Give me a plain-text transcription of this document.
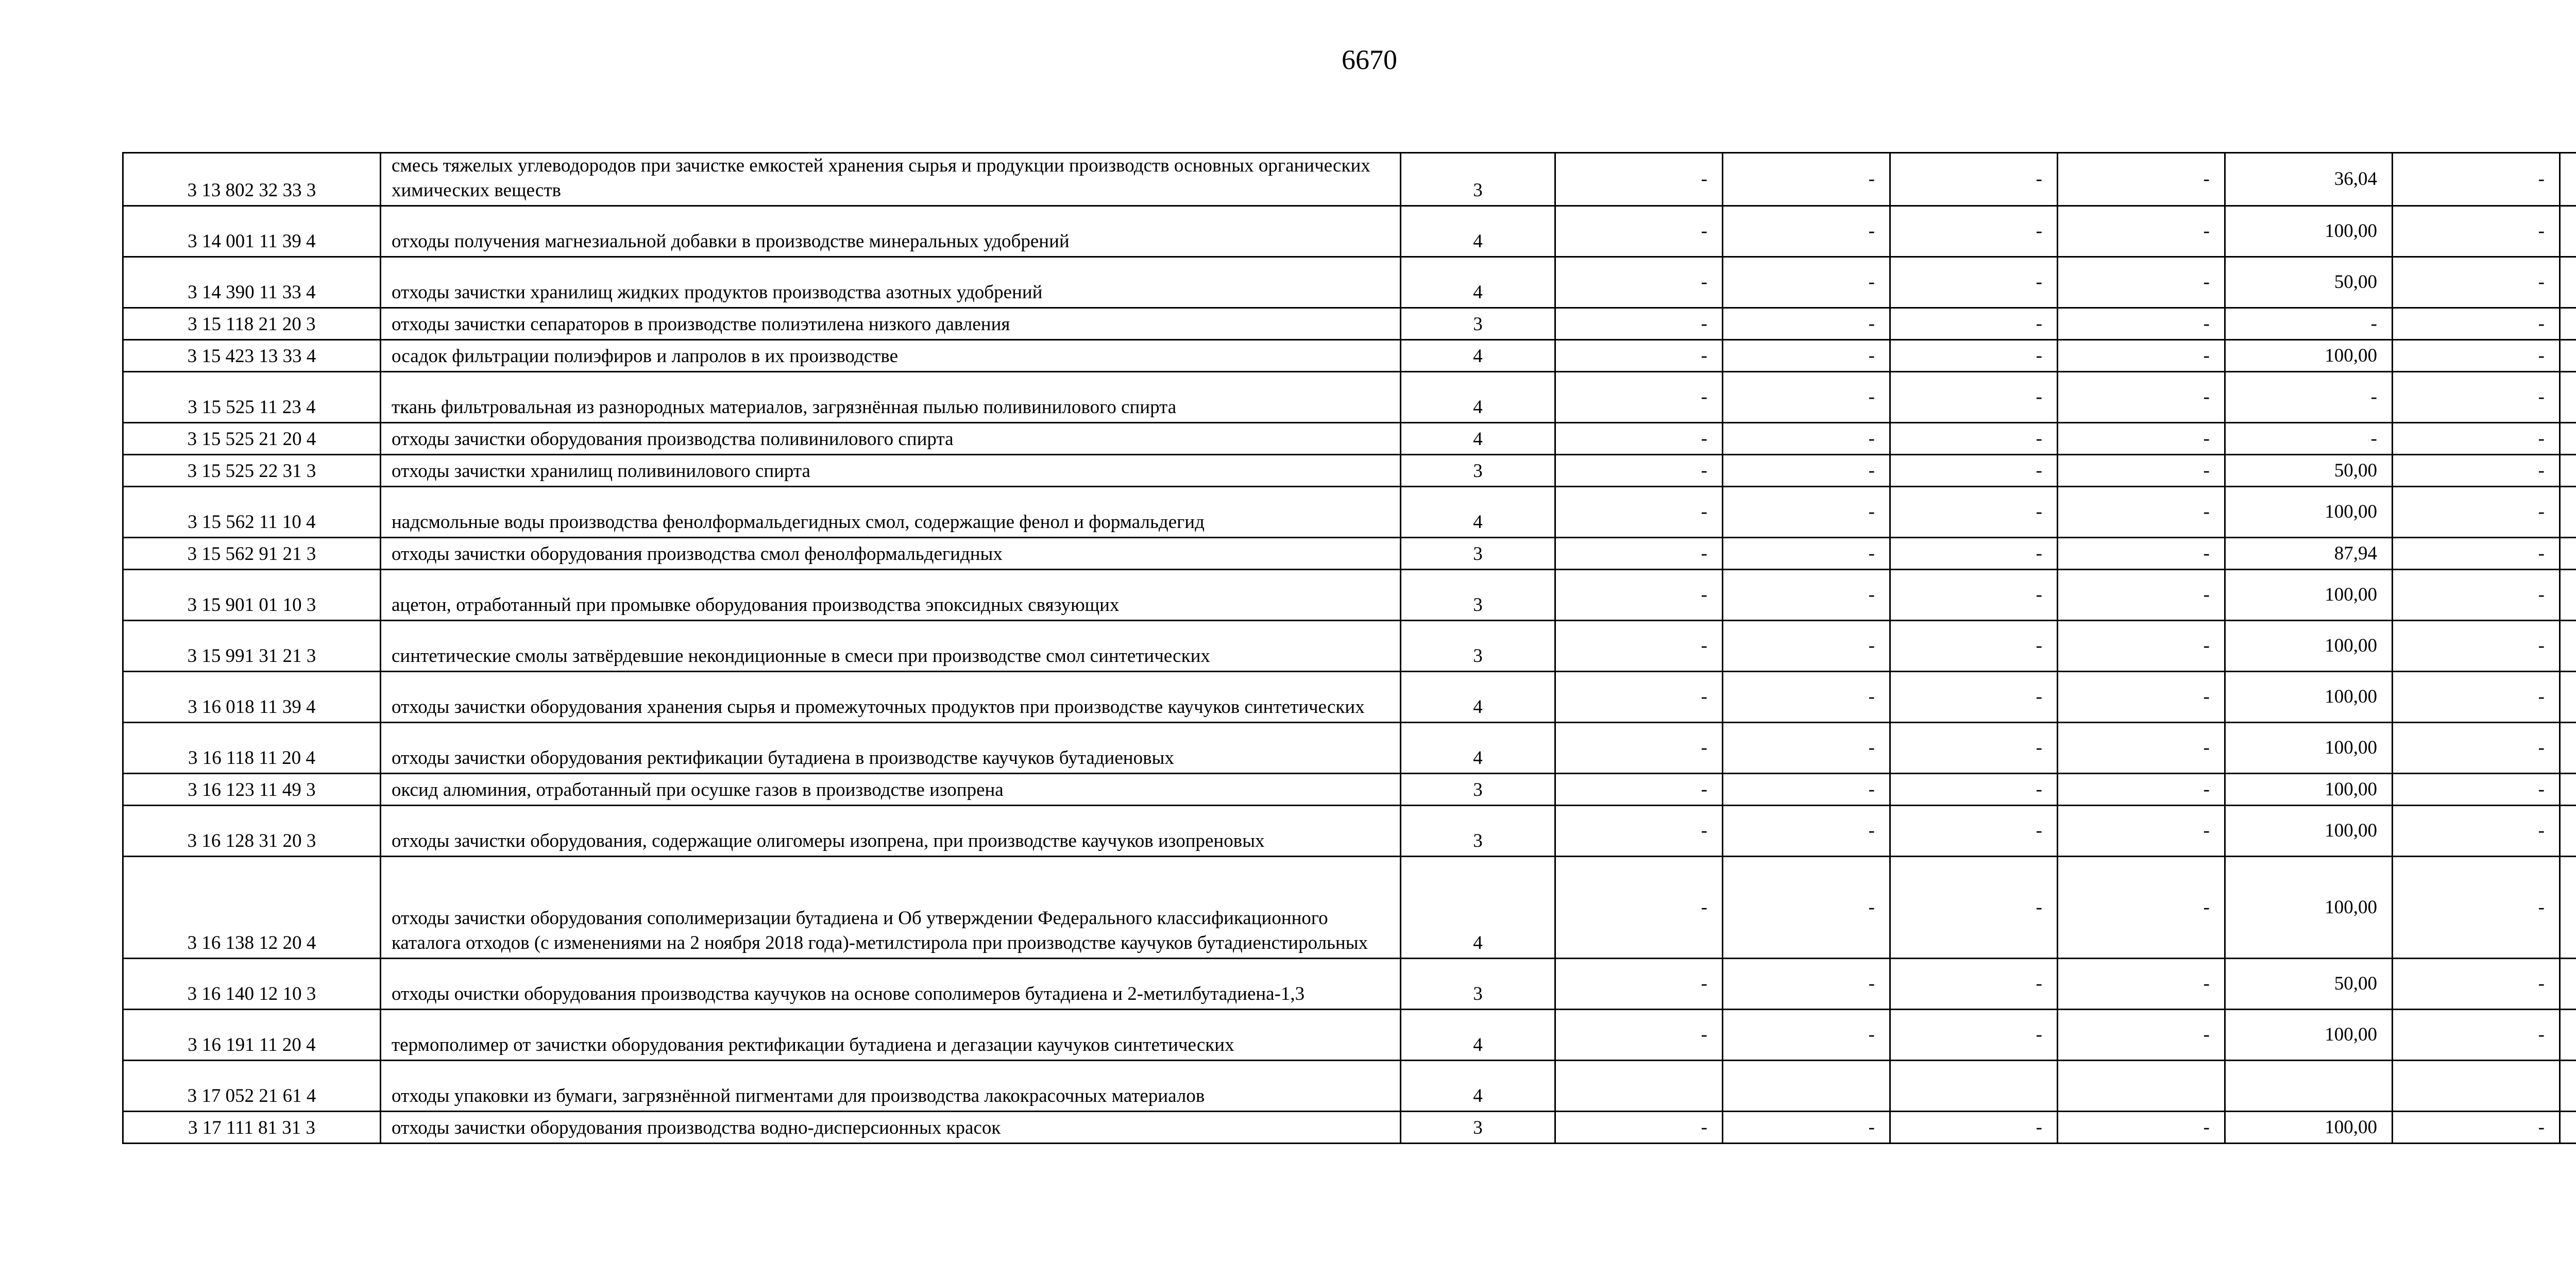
6670
3 13 802 32 33 3	смесь тяжелых углеводородов при зачистке емкостей хранения сырья и продукции производств основных органических химических веществ	3	-	-	-	-	36,04	-		
3 14 001 11 39 4	отходы получения магнезиальной добавки в производстве минеральных удобрений	4	-	-	-	-	100,00	-		
3 14 390 11 33 4	отходы зачистки хранилищ жидких продуктов производства азотных удобрений	4	-	-	-	-	50,00	-		
3 15 118 21 20 3	отходы зачистки сепараторов в производстве полиэтилена низкого давления	3	-	-	-	-	-	-		
3 15 423 13 33 4	осадок фильтрации полиэфиров и лапролов в их производстве	4	-	-	-	-	100,00	-		
3 15 525 11 23 4	ткань фильтровальная из разнородных материалов, загрязнённая пылью поливинилового спирта	4	-	-	-	-	-	-		
3 15 525 21 20 4	отходы зачистки оборудования производства поливинилового спирта	4	-	-	-	-	-	-		
3 15 525 22 31 3	отходы зачистки хранилищ поливинилового спирта	3	-	-	-	-	50,00	-		
3 15 562 11 10 4	надсмольные воды производства фенолформальдегидных смол, содержащие фенол и формальдегид	4	-	-	-	-	100,00	-		
3 15 562 91 21 3	отходы зачистки оборудования производства смол фенолформальдегидных	3	-	-	-	-	87,94	-		
3 15 901 01 10 3	ацетон, отработанный при промывке оборудования производства эпоксидных связующих	3	-	-	-	-	100,00	-		
3 15 991 31 21 3	синтетические смолы затвёрдевшие некондиционные в смеси при производстве смол синтетических	3	-	-	-	-	100,00	-		
3 16 018 11 39 4	отходы зачистки оборудования хранения сырья и промежуточных продуктов при производстве каучуков синтетических	4	-	-	-	-	100,00	-		
3 16 118 11 20 4	отходы зачистки оборудования ректификации бутадиена в производстве каучуков бутадиеновых	4	-	-	-	-	100,00	-		
3 16 123 11 49 3	оксид алюминия, отработанный при осушке газов в производстве изопрена	3	-	-	-	-	100,00	-		
3 16 128 31 20 3	отходы зачистки оборудования, содержащие олигомеры изопрена, при производстве каучуков изопреновых	3	-	-	-	-	100,00	-		
3 16 138 12 20 4	отходы зачистки оборудования сополимеризации бутадиена и Об утверждении Федерального классификационного каталога отходов (с изменениями на 2 ноября 2018 года)-метилстирола при производстве каучуков бутадиенстирольных	4	-	-	-	-	100,00	-		
3 16 140 12 10 3	отходы очистки оборудования производства каучуков на основе сополимеров бутадиена и 2-метилбутадиена-1,3	3	-	-	-	-	50,00	-		
3 16 191 11 20 4	термополимер от зачистки оборудования ректификации бутадиена и дегазации каучуков синтетических	4	-	-	-	-	100,00	-		
3 17 052 21 61 4	отходы упаковки из бумаги, загрязнённой пигментами для производства лакокрасочных материалов	4								
3 17 111 81 31 3	отходы зачистки оборудования производства водно-дисперсионных красок	3	-	-	-	-	100,00	-		
